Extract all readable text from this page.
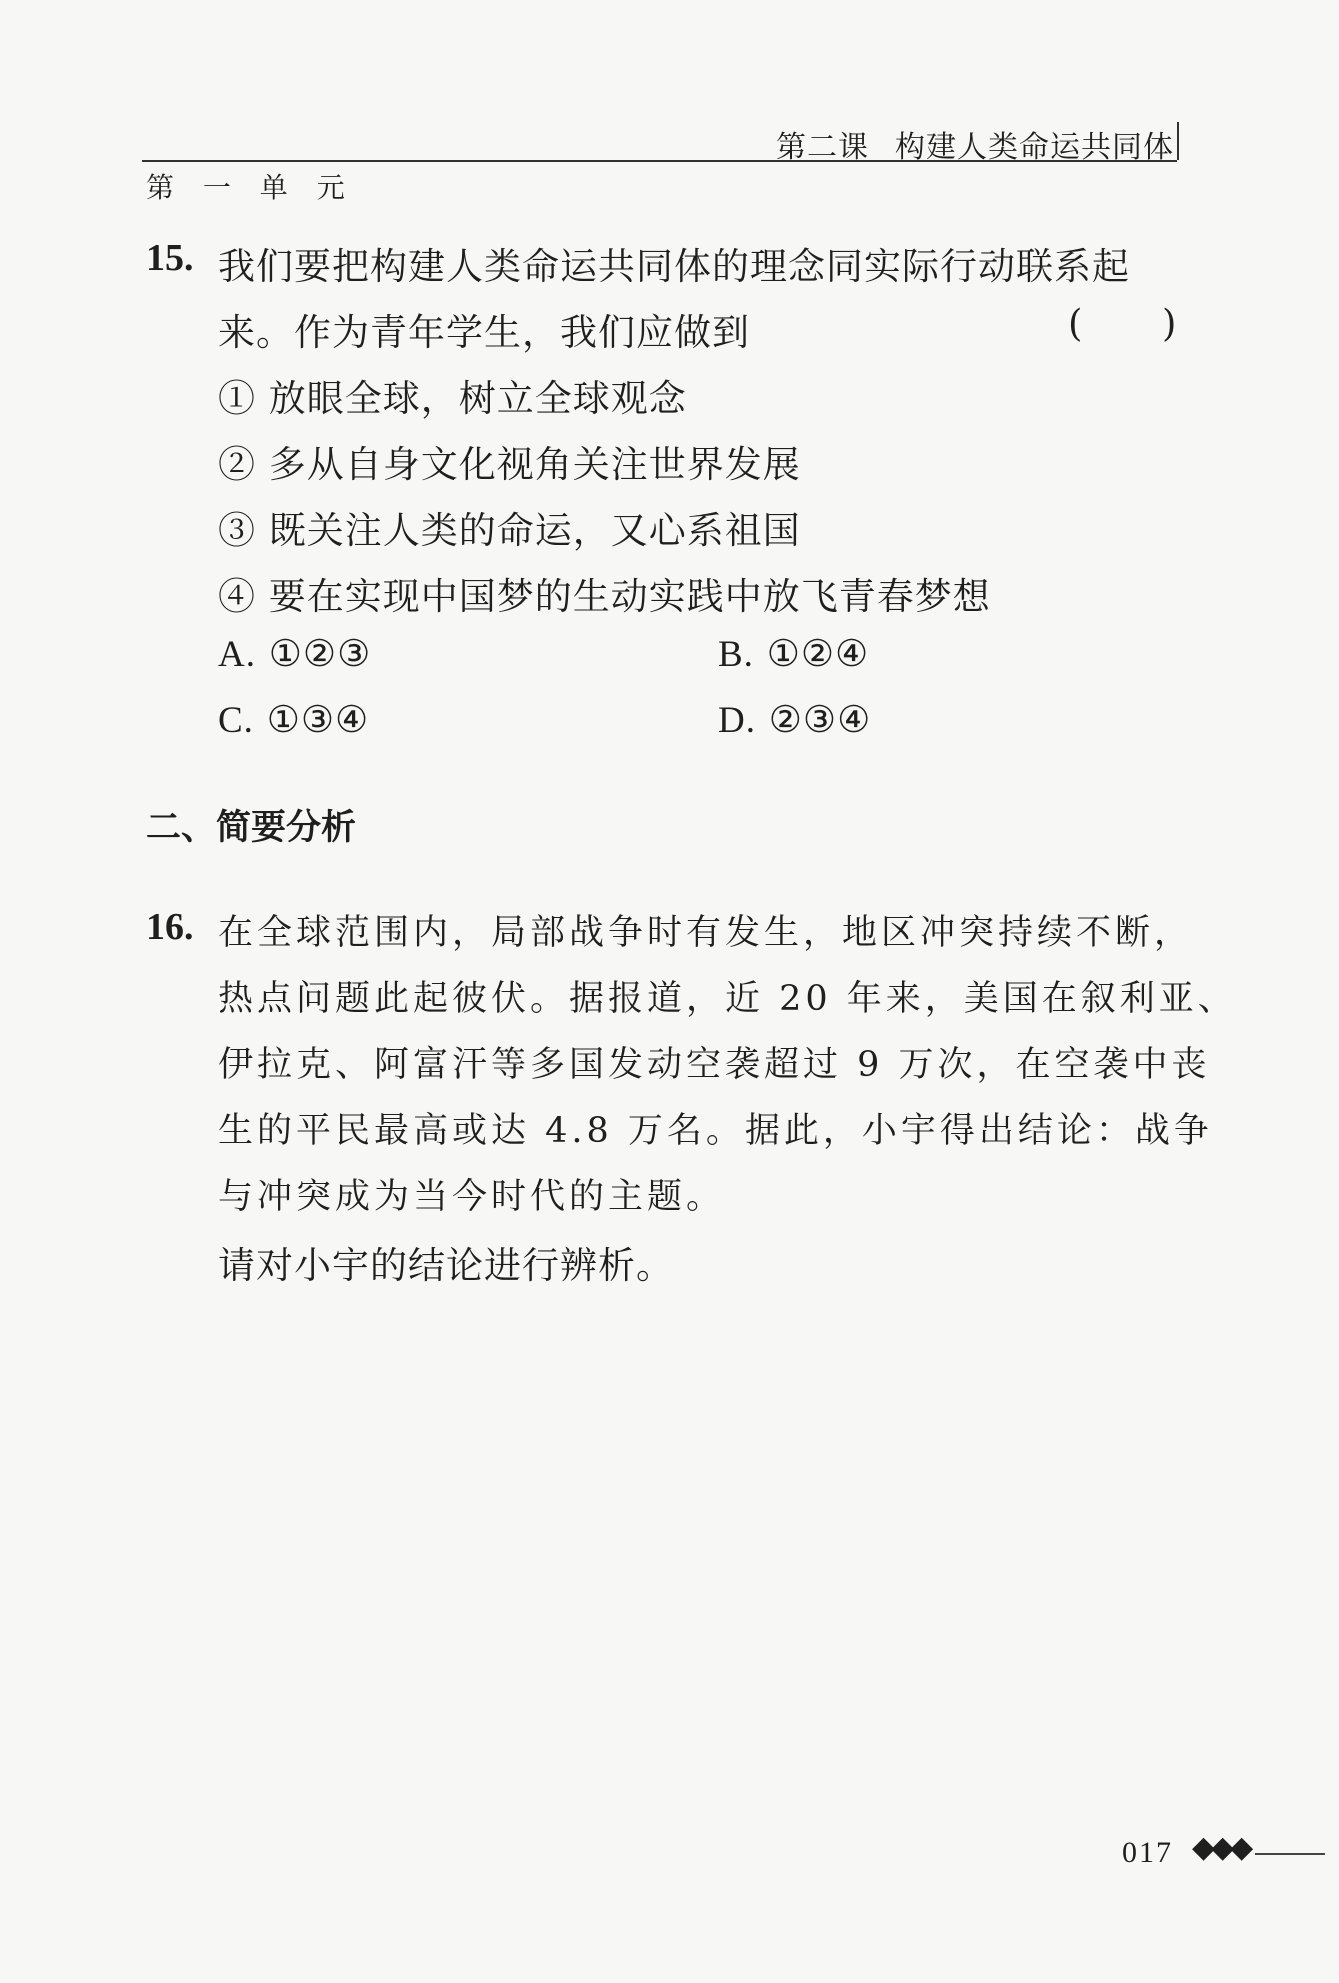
第二课 构建人类命运共同体
第 一 单 元
15. 我们要把构建人类命运共同体的理念同实际行动联系起
来。作为青年学生，我们应做到	( )
① 放眼全球，树立全球观念
② 多从自身文化视角关注世界发展
③ 既关注人类的命运，又心系祖国
④ 要在实现中国梦的生动实践中放飞青春梦想
A. ①②③	B. ①②④
C. ①③④	D. ②③④
二、简要分析
16. 在全球范围内，局部战争时有发生，地区冲突持续不断，
热点问题此起彼伏。据报道，近 20 年来，美国在叙利亚、
伊拉克、阿富汗等多国发动空袭超过 9 万次，在空袭中丧
生的平民最高或达 4.8 万名。据此，小宇得出结论：战争
与冲突成为当今时代的主题。
请对小宇的结论进行辨析。
017 ◆◆◆
